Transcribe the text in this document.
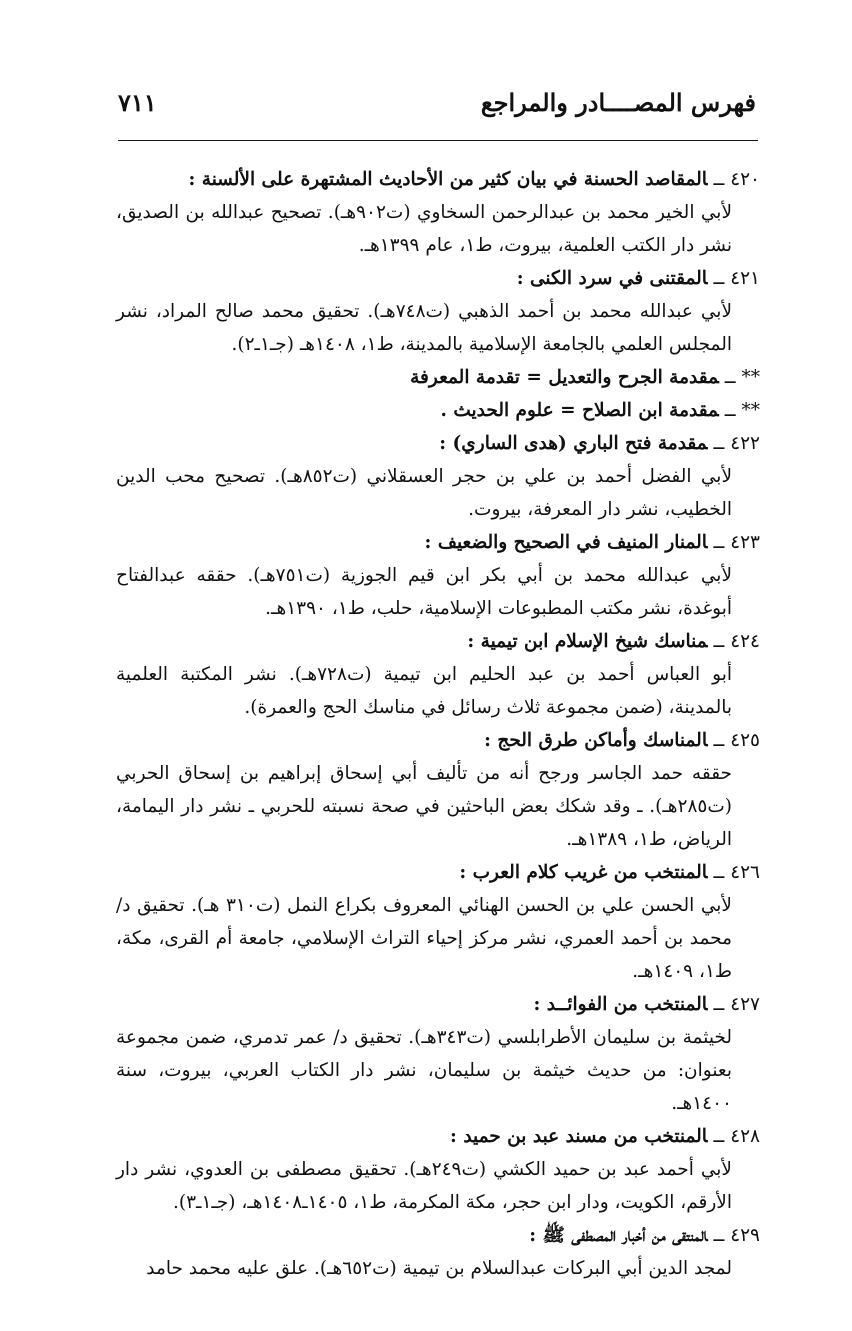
فهرس المصــــادر والمراجع
٧١١
٤٢٠ ــالمقاصد الحسنة في بيان كثير من الأحاديث المشتهرة على الألسنة :
لأبي الخير محمد بن عبدالرحمن السخاوي (ت٩٠٢هـ). تصحيح عبدالله بن الصديق، نشر دار الكتب العلمية، بيروت، ط١، عام ١٣٩٩هـ.
٤٢١ ــالمقتنى في سرد الكنى :
لأبي عبدالله محمد بن أحمد الذهبي (ت٧٤٨هـ). تحقيق محمد صالح المراد، نشر المجلس العلمي بالجامعة الإسلامية بالمدينة، ط١، ١٤٠٨هـ (جـ١ـ٢).
** ــمقدمة الجرح والتعديل = تقدمة المعرفة
** ــمقدمة ابن الصلاح = علوم الحديث .
٤٢٢ ــمقدمة فتح الباري (هدى الساري) :
لأبي الفضل أحمد بن علي بن حجر العسقلاني (ت٨٥٢هـ). تصحيح محب الدين الخطيب، نشر دار المعرفة، بيروت.
٤٢٣ ــالمنار المنيف في الصحيح والضعيف :
لأبي عبدالله محمد بن أبي بكر ابن قيم الجوزية (ت٧٥١هـ). حققه عبدالفتاح أبوغدة، نشر مكتب المطبوعات الإسلامية، حلب، ط١، ١٣٩٠هـ.
٤٢٤ ــمناسك شيخ الإسلام ابن تيمية :
أبو العباس أحمد بن عبد الحليم ابن تيمية (ت٧٢٨هـ). نشر المكتبة العلمية بالمدينة، (ضمن مجموعة ثلاث رسائل في مناسك الحج والعمرة).
٤٢٥ ــالمناسك وأماكن طرق الحج :
حققه حمد الجاسر ورجح أنه من تأليف أبي إسحاق إبراهيم بن إسحاق الحربي (ت٢٨٥هـ). ـ وقد شكك بعض الباحثين في صحة نسبته للحربي ـ نشر دار اليمامة، الرياض، ط١، ١٣٨٩هـ.
٤٢٦ ــالمنتخب من غريب كلام العرب :
لأبي الحسن علي بن الحسن الهنائي المعروف بكراع النمل (ت٣١٠ هـ). تحقيق د/ محمد بن أحمد العمري، نشر مركز إحياء التراث الإسلامي، جامعة أم القرى، مكة، ط١، ١٤٠٩هـ.
٤٢٧ ــالمنتخب من الفوائــد :
لخيثمة بن سليمان الأطرابلسي (ت٣٤٣هـ). تحقيق د/ عمر تدمري، ضمن مجموعة بعنوان: من حديث خيثمة بن سليمان، نشر دار الكتاب العربي، بيروت، سنة ١٤٠٠هـ.
٤٢٨ ــالمنتخب من مسند عبد بن حميد :
لأبي أحمد عبد بن حميد الكشي (ت٢٤٩هـ). تحقيق مصطفى بن العدوي، نشر دار الأرقم، الكويت، ودار ابن حجر، مكة المكرمة، ط١، ١٤٠٥ـ١٤٠٨هـ، (جـ١ـ٣).
٤٢٩ ــالمنتقى من أخبار المصطفى ﷺ :
لمجد الدين أبي البركات عبدالسلام بن تيمية (ت٦٥٢هـ). علق عليه محمد حامد
